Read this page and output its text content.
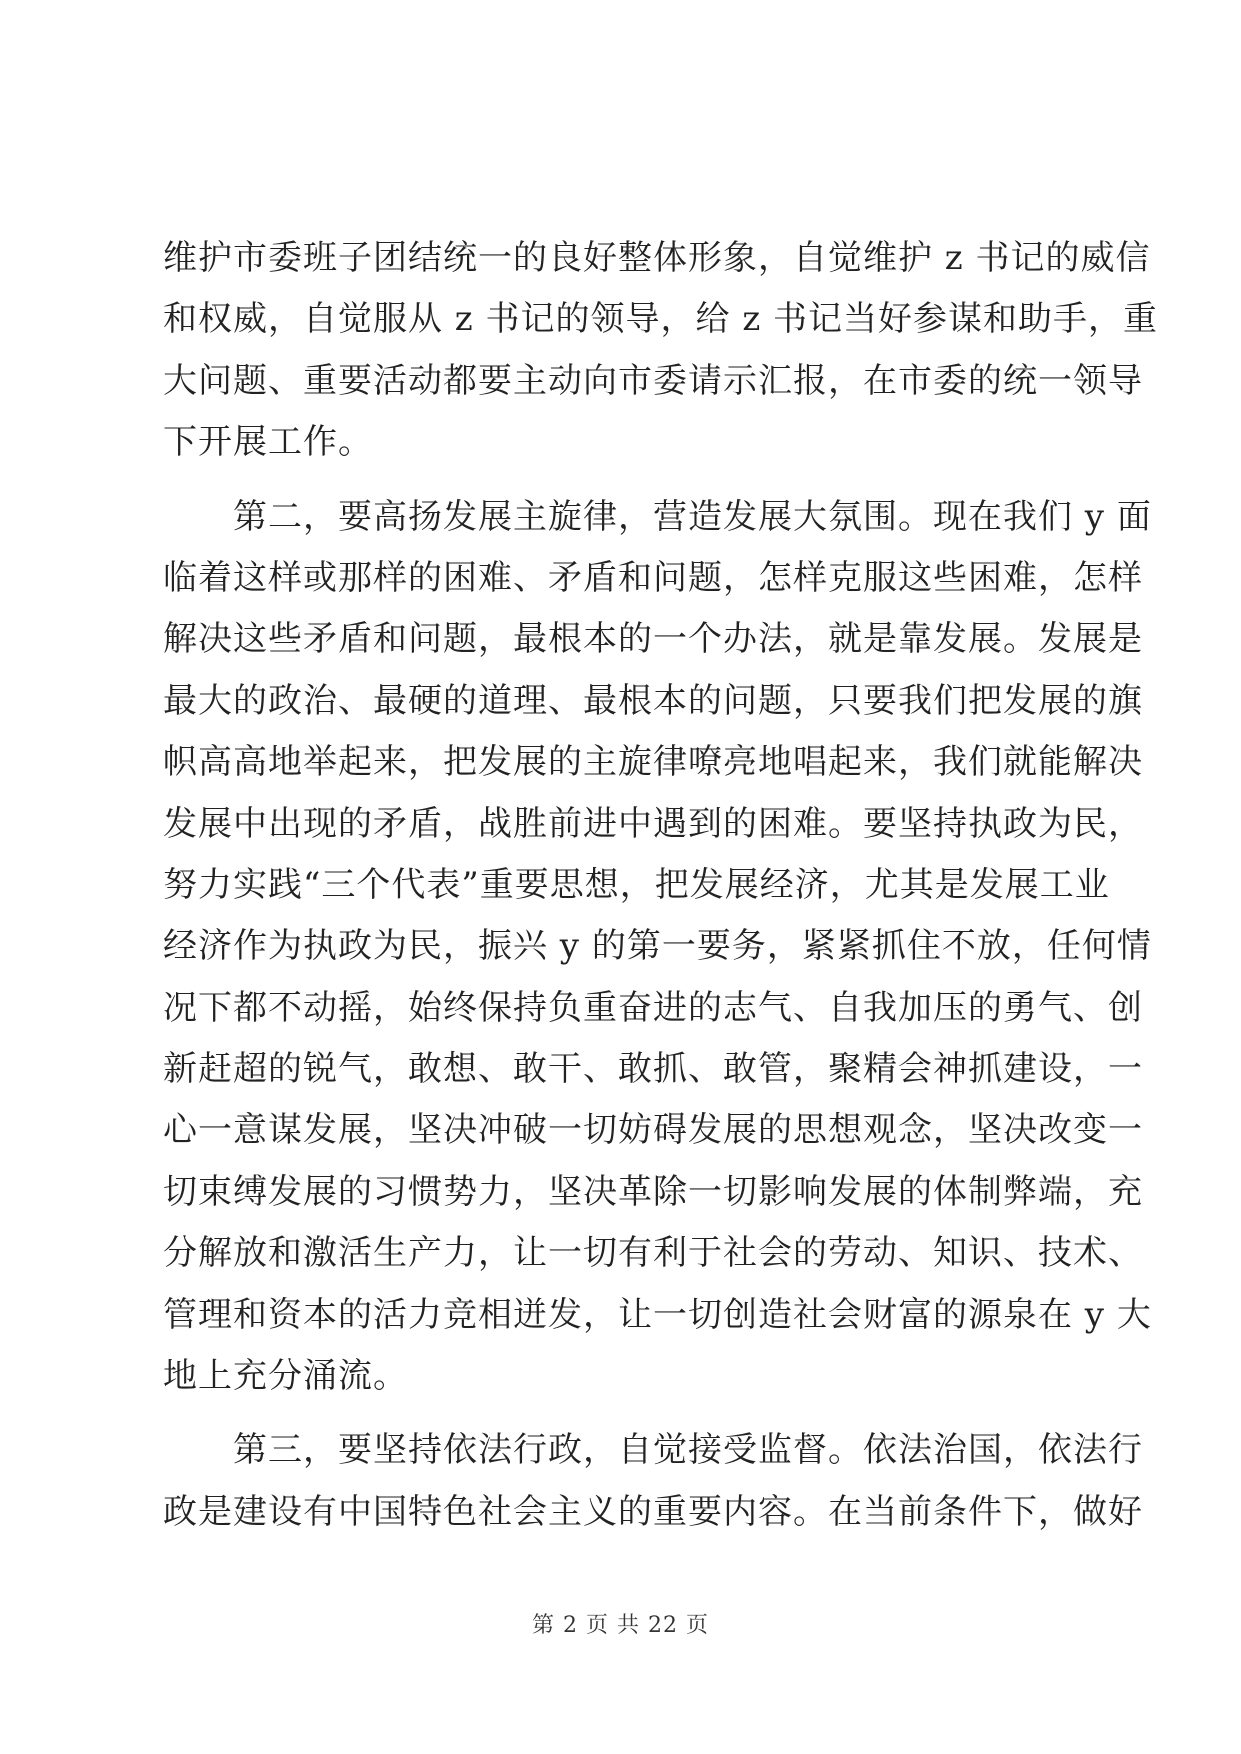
维护市委班子团结统一的良好整体形象，自觉维护 z 书记的威信
和权威，自觉服从 z 书记的领导，给 z 书记当好参谋和助手，重
大问题、重要活动都要主动向市委请示汇报，在市委的统一领导
下开展工作。
　　第二，要高扬发展主旋律，营造发展大氛围。现在我们 y 面
临着这样或那样的困难、矛盾和问题，怎样克服这些困难，怎样
解决这些矛盾和问题，最根本的一个办法，就是靠发展。发展是
最大的政治、最硬的道理、最根本的问题，只要我们把发展的旗
帜高高地举起来，把发展的主旋律嘹亮地唱起来，我们就能解决
发展中出现的矛盾，战胜前进中遇到的困难。要坚持执政为民，
努力实践“三个代表”重要思想，把发展经济，尤其是发展工业
经济作为执政为民，振兴 y 的第一要务，紧紧抓住不放，任何情
况下都不动摇，始终保持负重奋进的志气、自我加压的勇气、创
新赶超的锐气，敢想、敢干、敢抓、敢管，聚精会神抓建设，一
心一意谋发展，坚决冲破一切妨碍发展的思想观念，坚决改变一
切束缚发展的习惯势力，坚决革除一切影响发展的体制弊端，充
分解放和激活生产力，让一切有利于社会的劳动、知识、技术、
管理和资本的活力竞相迸发，让一切创造社会财富的源泉在 y 大
地上充分涌流。
　　第三，要坚持依法行政，自觉接受监督。依法治国，依法行
政是建设有中国特色社会主义的重要内容。在当前条件下，做好
第 2 页 共 22 页
